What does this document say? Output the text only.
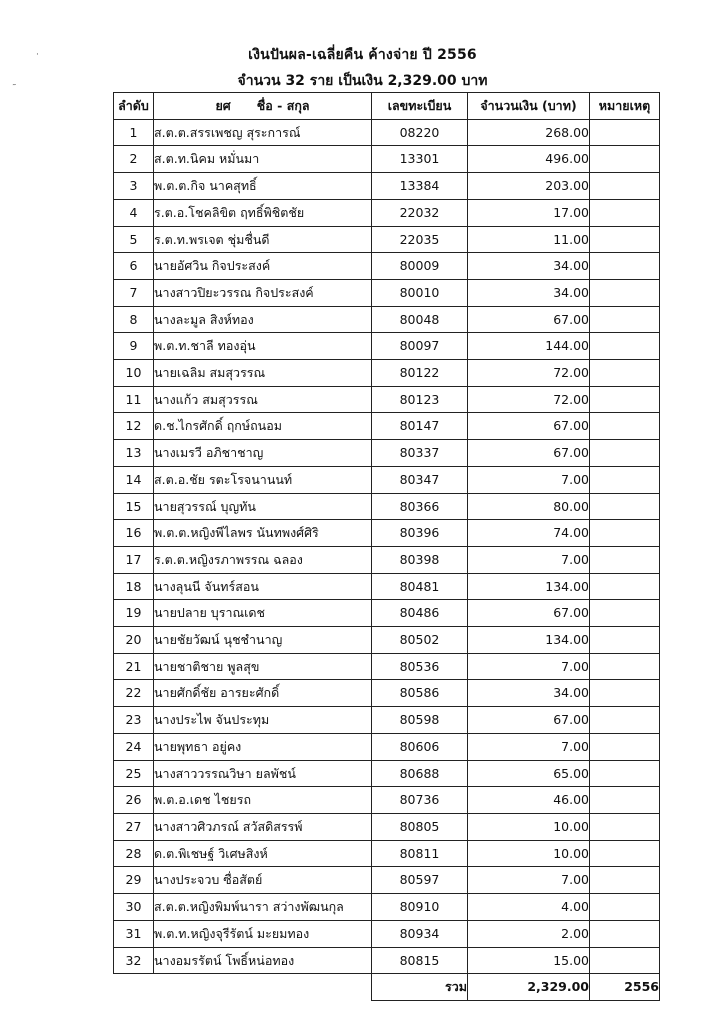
เงินปันผล-เฉลี่ยคืน ค้างจ่าย ปี 2556
จำนวน 32 ราย เป็นเงิน 2,329.00 บาท
·
˜
ลำดับ	ยศ      ชื่อ - สกุล	เลขทะเบียน	จำนวนเงิน (บาท)	หมายเหตุ
1	ส.ต.ต.สรรเพชญ สุระการณ์	08220	268.00	
2	ส.ต.ท.นิคม หมั่นมา	13301	496.00	
3	พ.ต.ต.กิจ นาคสุทธิ์	13384	203.00	
4	ร.ต.อ.โชคลิขิต ฤทธิ์พิชิตชัย	22032	17.00	
5	ร.ต.ท.พรเจต ชุ่มชื่นดี	22035	11.00	
6	นายอัศวิน กิจประสงค์	80009	34.00	
7	นางสาวปิยะวรรณ กิจประสงค์	80010	34.00	
8	นางละมูล สิงห์ทอง	80048	67.00	
9	พ.ต.ท.ชาลี ทองอุ่น	80097	144.00	
10	นายเฉลิม สมสุวรรณ	80122	72.00	
11	นางแก้ว สมสุวรรณ	80123	72.00	
12	ด.ช.ไกรศักดิ์ ฤกษ์ถนอม	80147	67.00	
13	นางเมรวี อภิชาชาญ	80337	67.00	
14	ส.ต.อ.ชัย รตะโรจนานนท์	80347	7.00	
15	นายสุวรรณ์ บุญทัน	80366	80.00	
16	พ.ต.ต.หญิงพีไลพร นันทพงศ์ศิริ	80396	74.00	
17	ร.ต.ต.หญิงรภาพรรณ ฉลอง	80398	7.00	
18	นางลุนนี จันทร์สอน	80481	134.00	
19	นายปลาย บุราณเดช	80486	67.00	
20	นายชัยวัฒน์ นุชชำนาญ	80502	134.00	
21	นายชาติชาย พูลสุข	80536	7.00	
22	นายศักดิ์ชัย อารยะศักดิ์	80586	34.00	
23	นางประไพ จันประทุม	80598	67.00	
24	นายพุทธา อยู่คง	80606	7.00	
25	นางสาววรรณวิษา ยลพัชน์	80688	65.00	
26	พ.ต.อ.เดช ไชยรถ	80736	46.00	
27	นางสาวศิวภรณ์ สวัสดิสรรพ์	80805	10.00	
28	ด.ต.พิเชษฐ์ วิเศษสิงห์	80811	10.00	
29	นางประจวบ ซื่อสัตย์	80597	7.00	
30	ส.ต.ต.หญิงพิมพ์นารา สว่างพัฒนกุล	80910	4.00	
31	พ.ต.ท.หญิงจุรีรัตน์ มะยมทอง	80934	2.00	
32	นางอมรรัตน์ โพธิ์หน่อทอง	80815	15.00	
		รวม	2,329.00	2556
